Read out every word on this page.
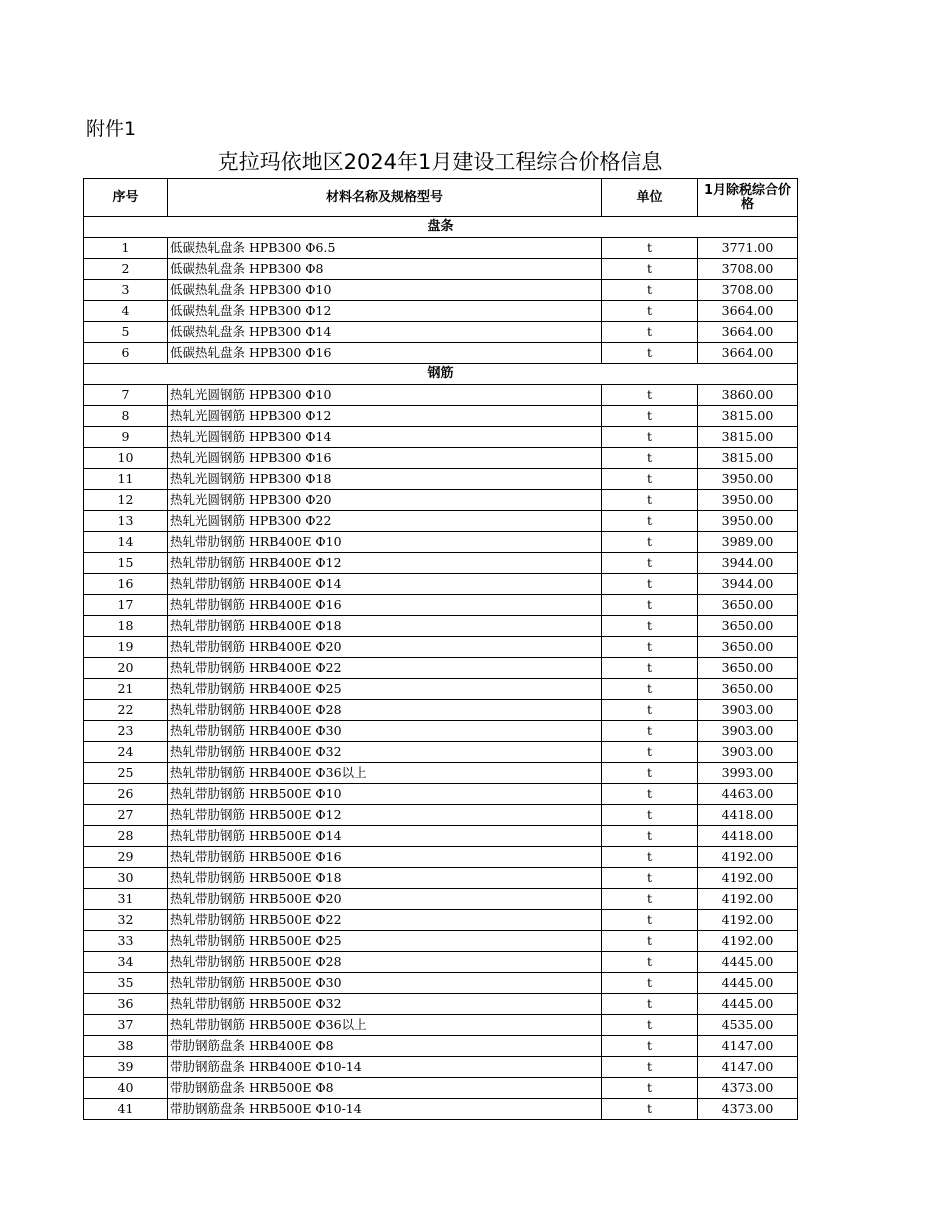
附件1
克拉玛依地区2024年1月建设工程综合价格信息
序号	材料名称及规格型号	单位	1月除税综合价格
盘条			
1	低碳热轧盘条 HPB300 Φ6.5	t	3771.00
2	低碳热轧盘条 HPB300 Φ8	t	3708.00
3	低碳热轧盘条 HPB300 Φ10	t	3708.00
4	低碳热轧盘条 HPB300 Φ12	t	3664.00
5	低碳热轧盘条 HPB300 Φ14	t	3664.00
6	低碳热轧盘条 HPB300 Φ16	t	3664.00
钢筋			
7	热轧光圆钢筋 HPB300 Φ10	t	3860.00
8	热轧光圆钢筋 HPB300 Φ12	t	3815.00
9	热轧光圆钢筋 HPB300 Φ14	t	3815.00
10	热轧光圆钢筋 HPB300 Φ16	t	3815.00
11	热轧光圆钢筋 HPB300 Φ18	t	3950.00
12	热轧光圆钢筋 HPB300 Φ20	t	3950.00
13	热轧光圆钢筋 HPB300 Φ22	t	3950.00
14	热轧带肋钢筋 HRB400E Φ10	t	3989.00
15	热轧带肋钢筋 HRB400E Φ12	t	3944.00
16	热轧带肋钢筋 HRB400E Φ14	t	3944.00
17	热轧带肋钢筋 HRB400E Φ16	t	3650.00
18	热轧带肋钢筋 HRB400E Φ18	t	3650.00
19	热轧带肋钢筋 HRB400E Φ20	t	3650.00
20	热轧带肋钢筋 HRB400E Φ22	t	3650.00
21	热轧带肋钢筋 HRB400E Φ25	t	3650.00
22	热轧带肋钢筋 HRB400E Φ28	t	3903.00
23	热轧带肋钢筋 HRB400E Φ30	t	3903.00
24	热轧带肋钢筋 HRB400E Φ32	t	3903.00
25	热轧带肋钢筋 HRB400E Φ36以上	t	3993.00
26	热轧带肋钢筋 HRB500E Φ10	t	4463.00
27	热轧带肋钢筋 HRB500E Φ12	t	4418.00
28	热轧带肋钢筋 HRB500E Φ14	t	4418.00
29	热轧带肋钢筋 HRB500E Φ16	t	4192.00
30	热轧带肋钢筋 HRB500E Φ18	t	4192.00
31	热轧带肋钢筋 HRB500E Φ20	t	4192.00
32	热轧带肋钢筋 HRB500E Φ22	t	4192.00
33	热轧带肋钢筋 HRB500E Φ25	t	4192.00
34	热轧带肋钢筋 HRB500E Φ28	t	4445.00
35	热轧带肋钢筋 HRB500E Φ30	t	4445.00
36	热轧带肋钢筋 HRB500E Φ32	t	4445.00
37	热轧带肋钢筋 HRB500E Φ36以上	t	4535.00
38	带肋钢筋盘条 HRB400E Φ8	t	4147.00
39	带肋钢筋盘条 HRB400E Φ10-14	t	4147.00
40	带肋钢筋盘条 HRB500E Φ8	t	4373.00
41	带肋钢筋盘条 HRB500E Φ10-14	t	4373.00
